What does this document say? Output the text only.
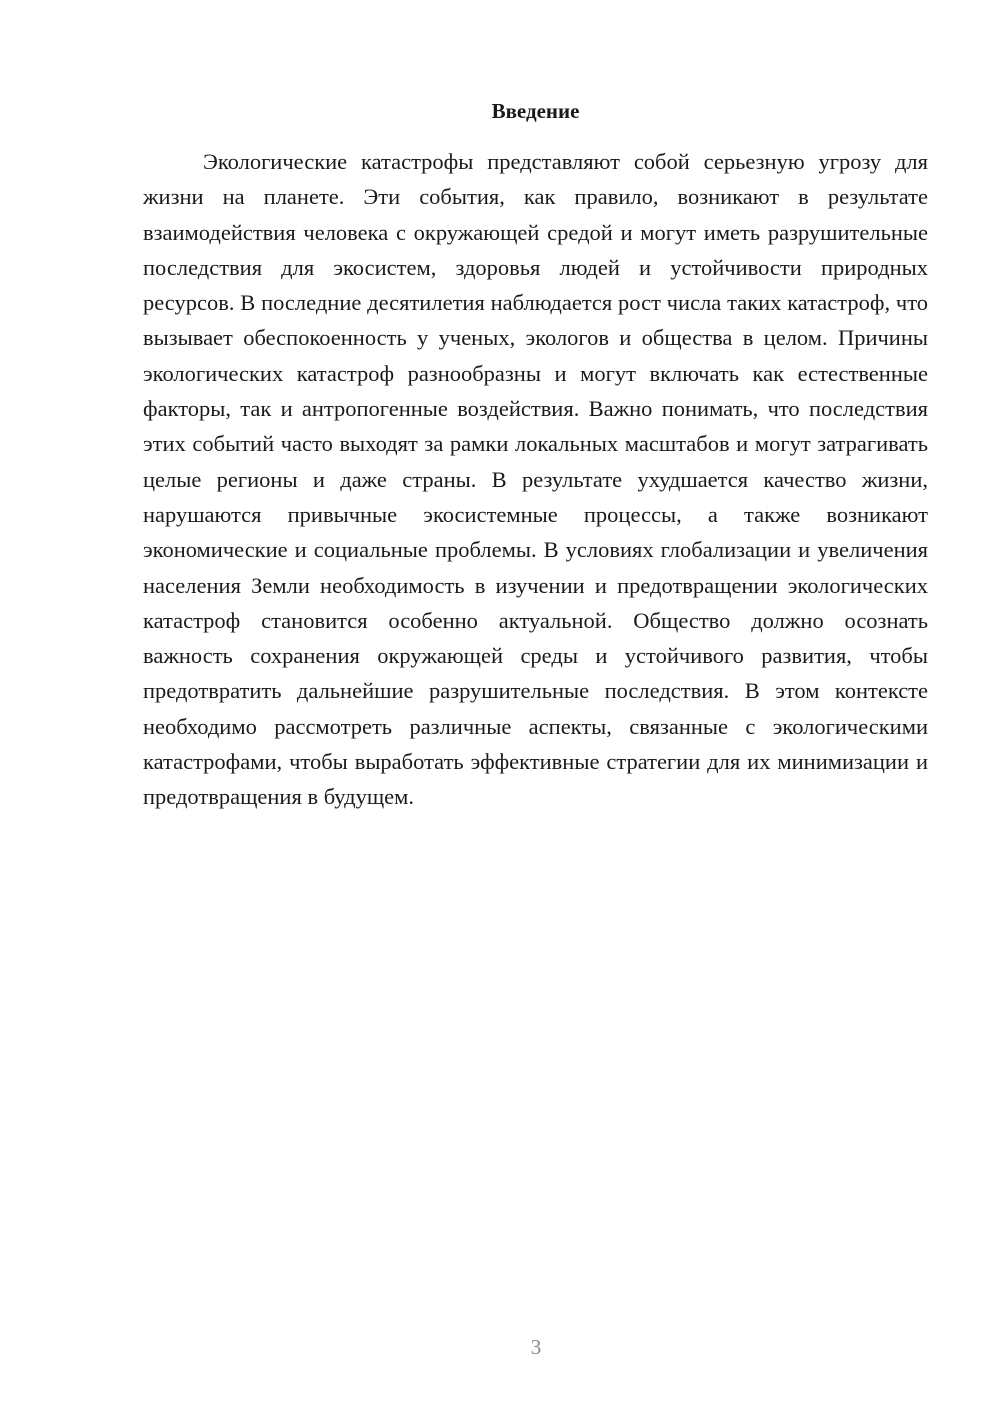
Введение

Экологические катастрофы представляют собой серьезную угрозу для жизни на планете. Эти события, как правило, возникают в результате взаимодействия человека с окружающей средой и могут иметь разрушительные последствия для экосистем, здоровья людей и устойчивости природных ресурсов. В последние десятилетия наблюдается рост числа таких катастроф, что вызывает обеспокоенность у ученых, экологов и общества в целом. Причины экологических катастроф разнообразны и могут включать как естественные факторы, так и антропогенные воздействия. Важно понимать, что последствия этих событий часто выходят за рамки локальных масштабов и могут затрагивать целые регионы и даже страны. В результате ухудшается качество жизни, нарушаются привычные экосистемные процессы, а также возникают экономические и социальные проблемы. В условиях глобализации и увеличения населения Земли необходимость в изучении и предотвращении экологических катастроф становится особенно актуальной. Общество должно осознать важность сохранения окружающей среды и устойчивого развития, чтобы предотвратить дальнейшие разрушительные последствия. В этом контексте необходимо рассмотреть различные аспекты, связанные с экологическими катастрофами, чтобы выработать эффективные стратегии для их минимизации и предотвращения в будущем.

3
